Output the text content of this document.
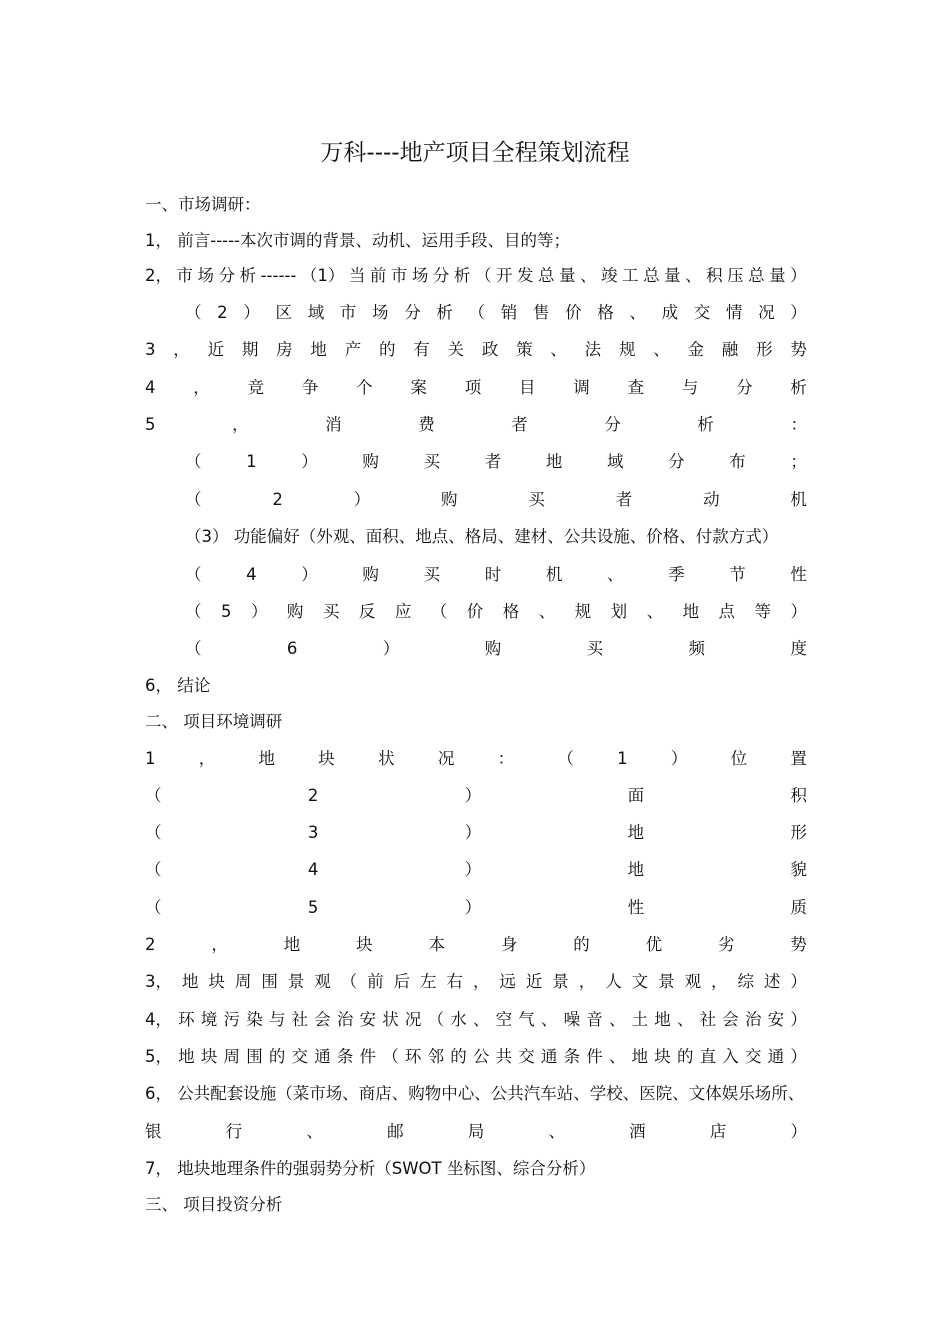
万科----地产项目全程策划流程
一、市场调研：
1， 前言-----本次市调的背景、动机、运用手段、目的等；
2， 市 场 分 析 ------ （1） 当 前 市 场 分 析 （ 开 发 总 量 、 竣 工 总 量 、 积 压 总 量 ）
（ 2 ） 区 域 市 场 分 析 （ 销 售 价 格 、 成 交 情 况 ）
3 ， 近 期 房 地 产 的 有 关 政 策 、 法 规 、 金 融 形 势
4 ， 竞 争 个 案 项 目 调 查 与 分 析
5	，	消	费	者	分	析	：
（	1	）	购	买	者	地	域	分	布	；
（	2	）	购	买	者	动	机
（3） 功能偏好（外观、面积、地点、格局、建材、公共设施、价格、付款方式）
（	4	）	购	买	时	机	、	季	节	性
（ 5 ） 购 买 反 应 （ 价 格 、 规 划 、 地 点 等 ）
（	6	）	购	买	频	度
6， 结论
二、 项目环境调研
1	，	地	块	状	况	：	（	1	）	位	置
（	2	）	面	积
（	3	）	地	形
（	4	）	地	貌
（	5	）	性	质
2	，	地	块	本	身	的	优	劣	势
3， 地 块 周 围 景 观 （ 前 后 左 右 ， 远 近 景 ， 人 文 景 观 ， 综 述 ）
4， 环 境 污 染 与 社 会 治 安 状 况 （ 水 、 空 气 、 噪 音 、 土 地 、 社 会 治 安 ）
5， 地 块 周 围 的 交 通 条 件 （ 环 邻 的 公 共 交 通 条 件 、 地 块 的 直 入 交 通 ）
6， 公共配套设施（菜市场、商店、购物中心、公共汽车站、学校、医院、文体娱乐场所、
银	行	、	邮	局	、	酒	店	）
7， 地块地理条件的强弱势分析（SWOT 坐标图、综合分析）
三、 项目投资分析
